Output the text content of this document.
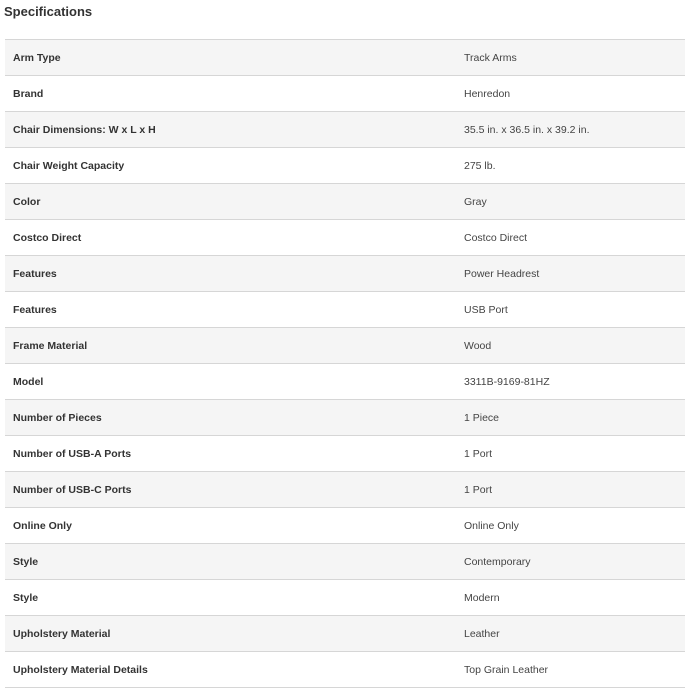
Specifications
Arm Type	Track Arms
Brand	Henredon
Chair Dimensions: W x L x H	35.5 in. x 36.5 in. x 39.2 in.
Chair Weight Capacity	275 lb.
Color	Gray
Costco Direct	Costco Direct
Features	Power Headrest
Features	USB Port
Frame Material	Wood
Model	3311B-9169-81HZ
Number of Pieces	1 Piece
Number of USB-A Ports	1 Port
Number of USB-C Ports	1 Port
Online Only	Online Only
Style	Contemporary
Style	Modern
Upholstery Material	Leather
Upholstery Material Details	Top Grain Leather
